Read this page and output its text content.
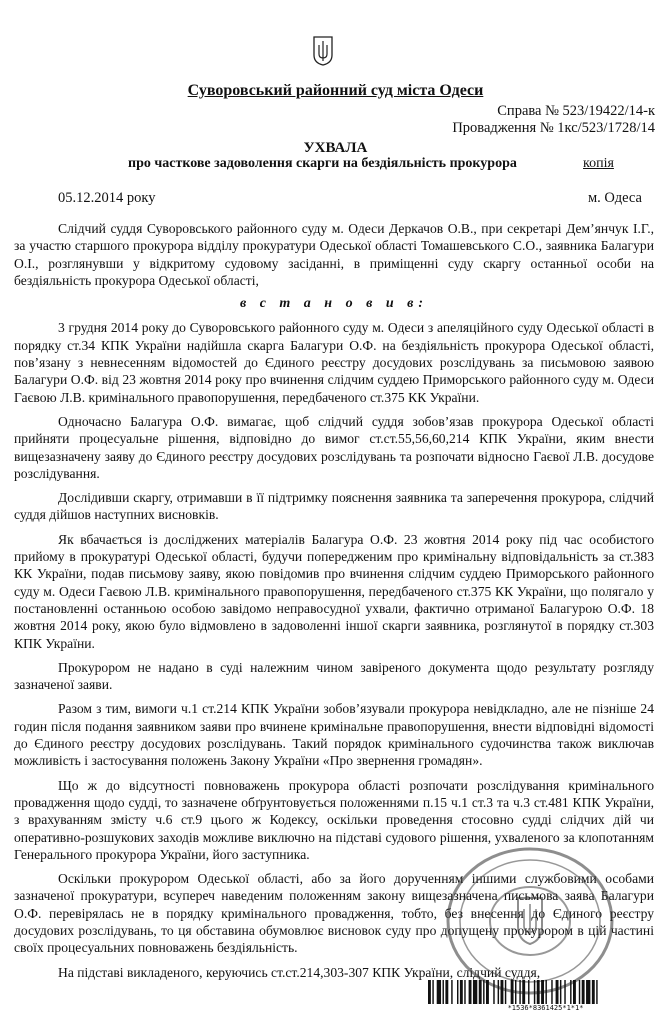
Суворовський районний суд міста Одеси
Справа № 523/19422/14-к
Провадження № 1кс/523/1728/14
УХВАЛА
про часткове задоволення скарги на бездіяльність прокурора	копія
05.12.2014 року	м. Одеса

Слідчий суддя Суворовського районного суду м. Одеси Деркачов О.В., при секретарі Дем’янчук І.Г., за участю старшого прокурора відділу прокуратури Одеської області Томашевського С.О., заявника Балагури О.І., розглянувши у відкритому судовому засіданні, в приміщенні суду скаргу останньої особи на бездіяльність прокурора Одеської області,

в с т а н о в и в:

3 грудня 2014 року до Суворовського районного суду м. Одеси з апеляційного суду Одеської області в порядку ст.34 КПК України надійшла скарга Балагури О.Ф. на бездіяльність прокурора Одеської області, пов’язану з невнесенням відомостей до Єдиного реєстру досудових розслідувань за письмовою заявою Балагури О.Ф. від 23 жовтня 2014 року про вчинення слідчим суддею Приморського районного суду м. Одеси Гаєвою Л.В. кримінального правопорушення, передбаченого ст.375 КК України.

Одночасно Балагура О.Ф. вимагає, щоб слідчий суддя зобов’язав прокурора Одеської області прийняти процесуальне рішення, відповідно до вимог ст.ст.55,56,60,214 КПК України, яким внести вищезазначену заяву до Єдиного реєстру досудових розслідувань та розпочати відносно Гаєвої Л.В. досудове розслідування.

Дослідивши скаргу, отримавши в її підтримку пояснення заявника та заперечення прокурора, слідчий суддя дійшов наступних висновків.

Як вбачається із досліджених матеріалів Балагура О.Ф. 23 жовтня 2014 року під час особистого прийому в прокуратурі Одеської області, будучи попередженим про кримінальну відповідальність за ст.383 КК України, подав письмову заяву, якою повідомив про вчинення слідчим суддею Приморського районного суду м. Одеси Гаєвою Л.В. кримінального правопорушення, передбаченого ст.375 КК України, що полягало у постановленні останньою особою завідомо неправосудної ухвали, фактично отриманої Балагурою О.Ф. 18 жовтня 2014 року, якою було відмовлено в задоволенні іншої скарги заявника, розглянутої в порядку ст.303 КПК України.

Прокурором не надано в суді належним чином завіреного документа щодо результату розгляду зазначеної заяви.

Разом з тим, вимоги ч.1 ст.214 КПК України зобов’язували прокурора невідкладно, але не пізніше 24 годин після подання заявником заяви про вчинене кримінальне правопорушення, внести відповідні відомості до Єдиного реєстру досудових розслідувань. Такий порядок кримінального судочинства також виключав можливість і застосування положень Закону України «Про звернення громадян».

Що ж до відсутності повноважень прокурора області розпочати розслідування кримінального провадження щодо судді, то зазначене обґрунтовується положеннями п.15 ч.1 ст.3 та ч.3 ст.481 КПК України, з врахуванням змісту ч.6 ст.9 цього ж Кодексу, оскільки проведення стосовно судді слідчих дій чи оперативно-розшукових заходів можливе виключно на підставі судового рішення, ухваленого за клопотанням Генерального прокурора України, його заступника.

Оскільки прокурором Одеської області, або за його дорученням іншими службовими особами зазначеної прокуратури, всупереч наведеним положенням закону вищезазначена письмова заява Балагури О.Ф. перевірялась не в порядку кримінального провадження, тобто, без внесення до Єдиного реєстру досудових розслідувань, то ця обставина обумовлює висновок суду про допущену прокурором в цій частині своїх процесуальних повноважень бездіяльність.

На підставі викладеного, керуючись ст.ст.214,303-307 КПК України, слідчий суддя,

*1536*8361425*1*1*
